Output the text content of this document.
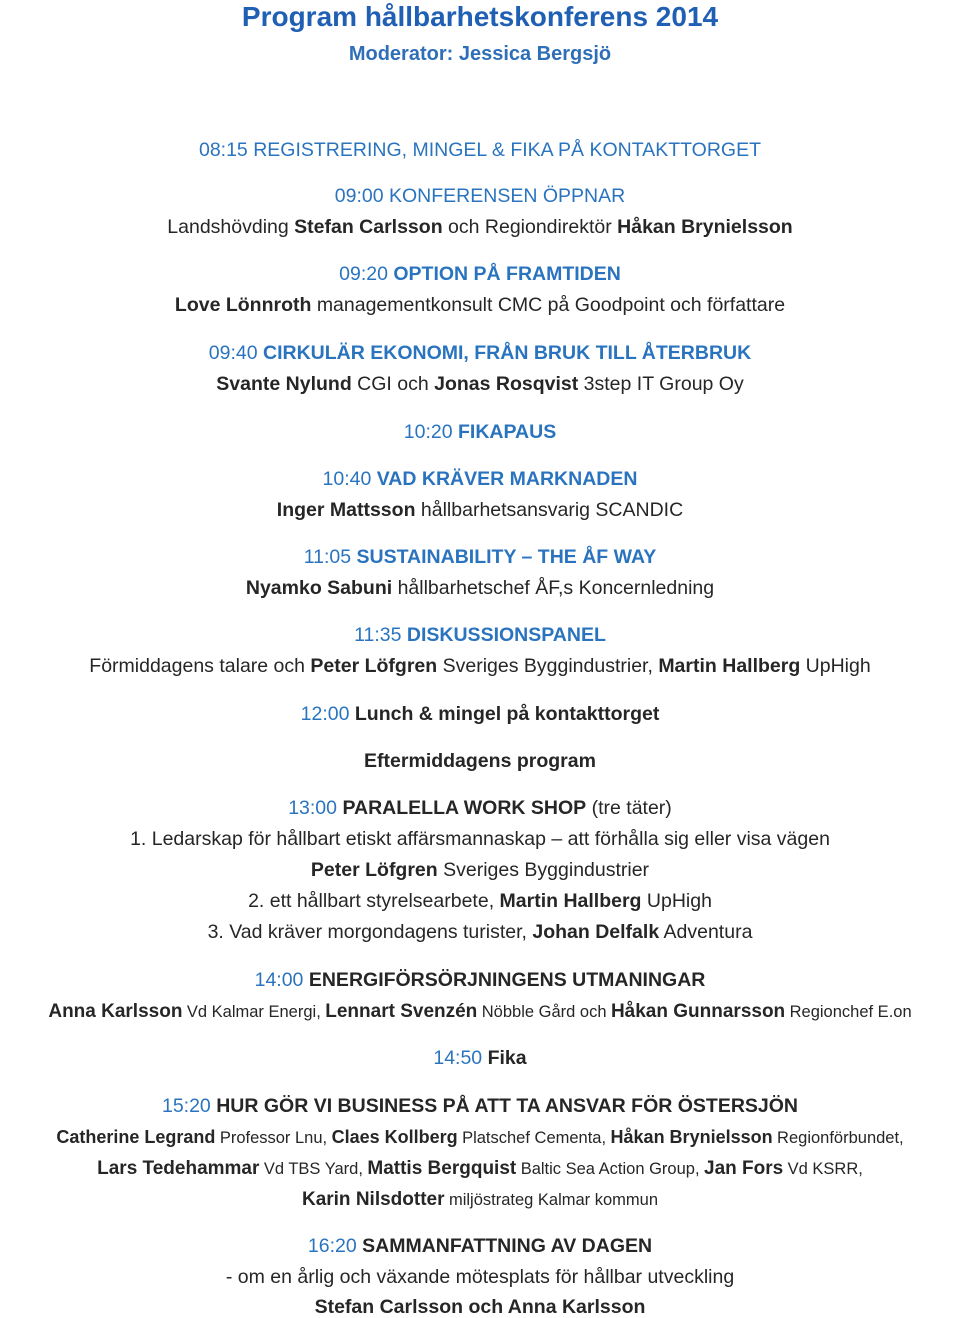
Program hållbarhetskonferens 2014
Moderator: Jessica Bergsjö
08:15 REGISTRERING, MINGEL & FIKA PÅ KONTAKTTORGET
09:00 KONFERENSEN ÖPPNAR
Landshövding Stefan Carlsson och Regiondirektör Håkan Brynielsson
09:20 OPTION PÅ FRAMTIDEN
Love Lönnroth managementkonsult CMC på Goodpoint och författare
09:40 CIRKULÄR EKONOMI, FRÅN BRUK TILL ÅTERBRUK
Svante Nylund CGI och Jonas Rosqvist 3step IT Group Oy
10:20 FIKAPAUS
10:40 VAD KRÄVER MARKNADEN
Inger Mattsson hållbarhetsansvarig SCANDIC
11:05 SUSTAINABILITY – THE ÅF WAY
Nyamko Sabuni hållbarhetschef ÅF,s Koncernledning
11:35 DISKUSSIONSPANEL
Förmiddagens talare och Peter Löfgren Sveriges Byggindustrier, Martin Hallberg UpHigh
12:00 Lunch & mingel på kontakttorget
Eftermiddagens program
13:00 PARALELLA WORK SHOP (tre täter)
1. Ledarskap för hållbart etiskt affärsmannaskap – att förhålla sig eller visa vägen
Peter Löfgren Sveriges Byggindustrier
2. ett hållbart styrelsearbete, Martin Hallberg UpHigh
3. Vad kräver morgondagens turister, Johan Delfalk Adventura
14:00 ENERGIFÖRSÖRJNINGENS UTMANINGAR
Anna Karlsson Vd Kalmar Energi, Lennart Svenzén Nöbble Gård och Håkan Gunnarsson Regionchef E.on
14:50 Fika
15:20 HUR GÖR VI BUSINESS PÅ ATT TA ANSVAR FÖR ÖSTERSJÖN
Catherine Legrand Professor Lnu, Claes Kollberg Platschef Cementa, Håkan Brynielsson Regionförbundet,
Lars Tedehammar Vd TBS Yard, Mattis Bergquist Baltic Sea Action Group, Jan Fors Vd KSRR,
Karin Nilsdotter miljöstrateg Kalmar kommun
16:20 SAMMANFATTNING AV DAGEN
- om en årlig och växande mötesplats för hållbar utveckling
Stefan Carlsson och Anna Karlsson
